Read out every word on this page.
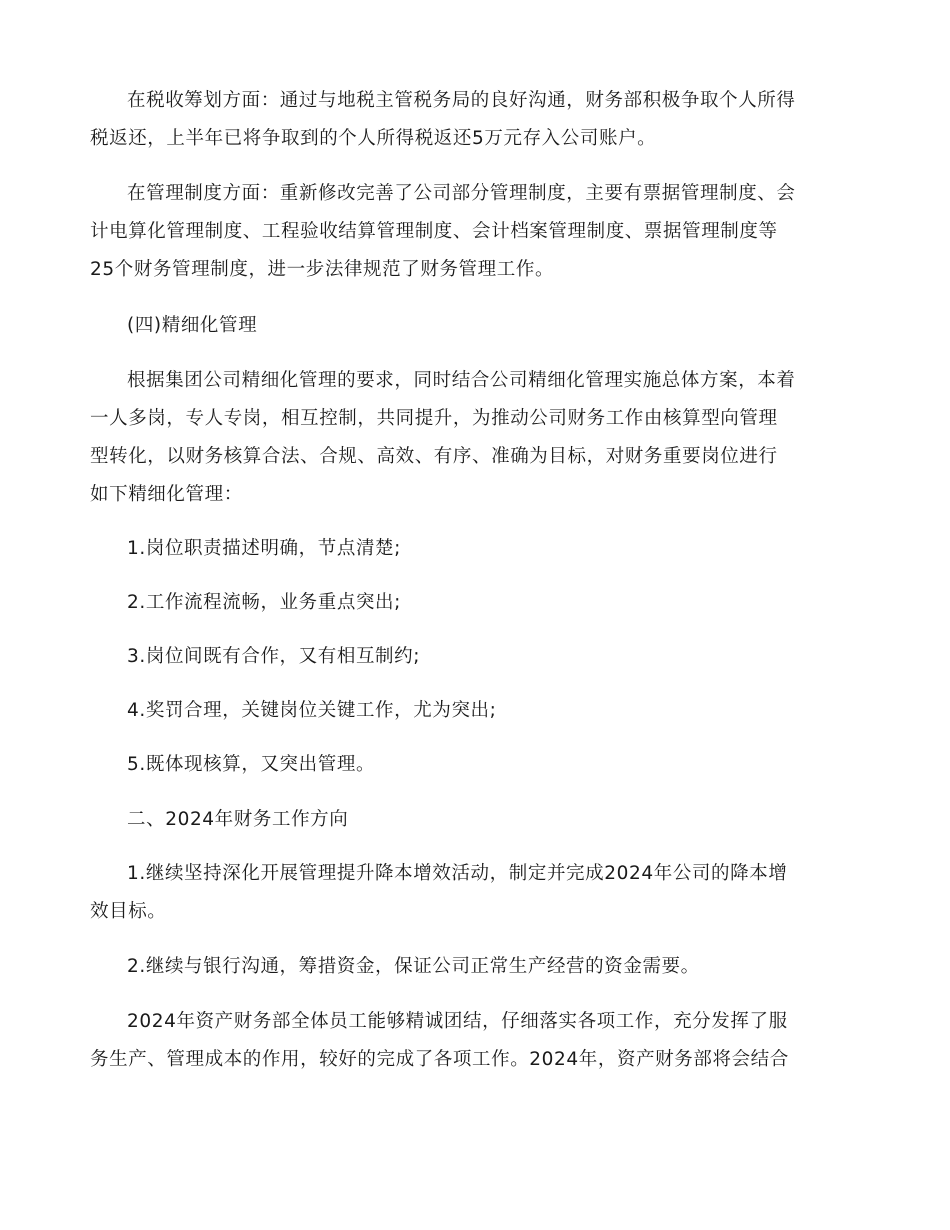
在税收筹划方面：通过与地税主管税务局的良好沟通，财务部积极争取个人所得
税返还，上半年已将争取到的个人所得税返还5万元存入公司账户。
在管理制度方面：重新修改完善了公司部分管理制度，主要有票据管理制度、会
计电算化管理制度、工程验收结算管理制度、会计档案管理制度、票据管理制度等
25个财务管理制度，进一步法律规范了财务管理工作。
(四)精细化管理
根据集团公司精细化管理的要求，同时结合公司精细化管理实施总体方案，本着
一人多岗，专人专岗，相互控制，共同提升，为推动公司财务工作由核算型向管理
型转化，以财务核算合法、合规、高效、有序、准确为目标，对财务重要岗位进行
如下精细化管理：
1.岗位职责描述明确，节点清楚;
2.工作流程流畅，业务重点突出;
3.岗位间既有合作，又有相互制约;
4.奖罚合理，关键岗位关键工作，尤为突出;
5.既体现核算，又突出管理。
二、2024年财务工作方向
1.继续坚持深化开展管理提升降本增效活动，制定并完成2024年公司的降本增
效目标。
2.继续与银行沟通，筹措资金，保证公司正常生产经营的资金需要。
2024年资产财务部全体员工能够精诚团结，仔细落实各项工作，充分发挥了服
务生产、管理成本的作用，较好的完成了各项工作。2024年，资产财务部将会结合
